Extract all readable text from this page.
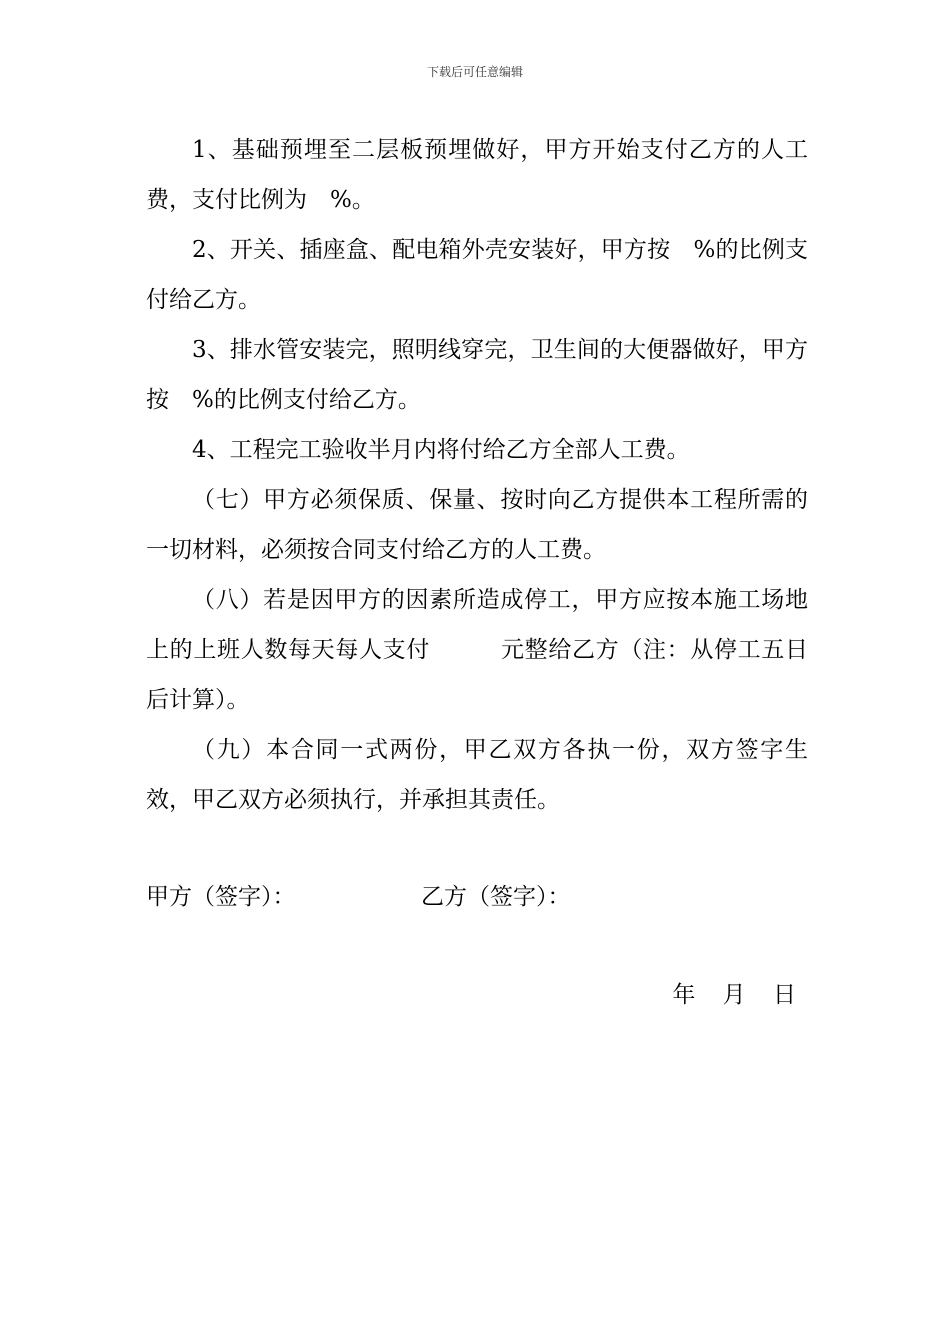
下载后可任意编辑

1、基础预埋至二层板预埋做好，甲方开始支付乙方的人工费，支付比例为　%。

2、开关、插座盒、配电箱外壳安装好，甲方按　%的比例支付给乙方。

3、排水管安装完，照明线穿完，卫生间的大便器做好，甲方按　%的比例支付给乙方。

4、工程完工验收半月内将付给乙方全部人工费。

（七）甲方必须保质、保量、按时向乙方提供本工程所需的一切材料，必须按合同支付给乙方的人工费。

（八）若是因甲方的因素所造成停工，甲方应按本施工场地上的上班人数每天每人支付　　　元整给乙方（注：从停工五日后计算）。

（九）本合同一式两份，甲乙双方各执一份，双方签字生效，甲乙双方必须执行，并承担其责任。

甲方（签字）：	乙方（签字）：
年 月 日
